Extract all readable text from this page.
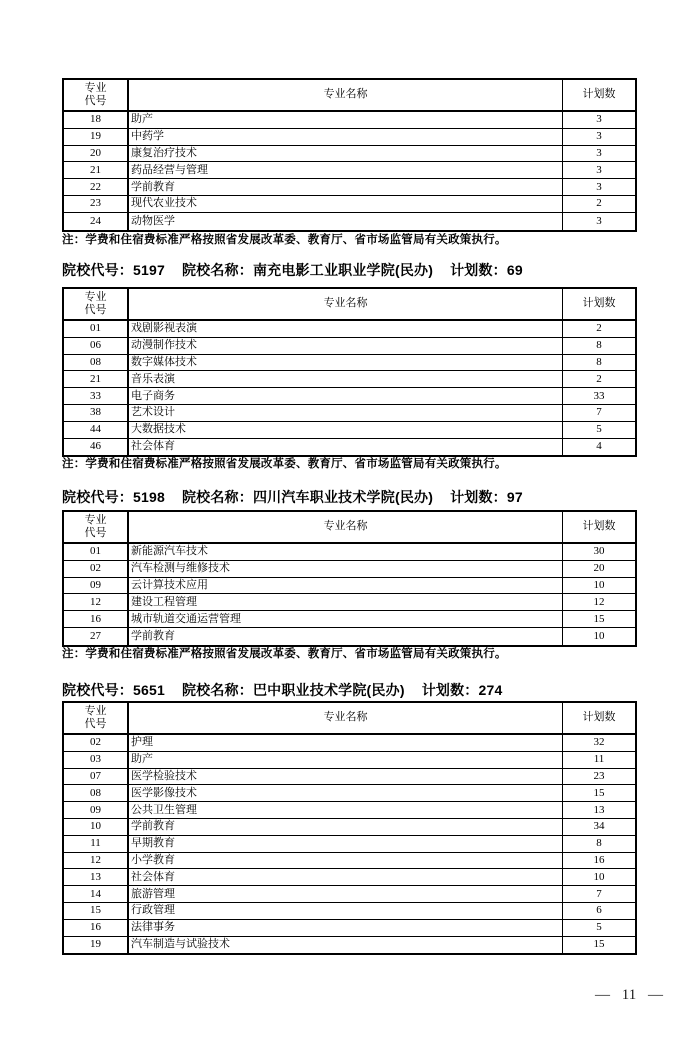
专业
代号
专业名称	计划数
18	助产	3
19	中药学	3
20	康复治疗技术	3
21	药品经营与管理	3
22	学前教育	3
23	现代农业技术	2
24	动物医学	3
注：学费和住宿费标准严格按照省发展改革委、教育厅、省市场监管局有关政策执行。
院校代号：5197 院校名称：南充电影工业职业学院(民办) 计划数：69
专业
代号
专业名称	计划数
01	戏剧影视表演	2
06	动漫制作技术	8
08	数字媒体技术	8
21	音乐表演	2
33	电子商务	33
38	艺术设计	7
44	大数据技术	5
46	社会体育	4
注：学费和住宿费标准严格按照省发展改革委、教育厅、省市场监管局有关政策执行。
院校代号：5198 院校名称：四川汽车职业技术学院(民办) 计划数：97
专业
代号
专业名称	计划数
01	新能源汽车技术	30
02	汽车检测与维修技术	20
09	云计算技术应用	10
12	建设工程管理	12
16	城市轨道交通运营管理	15
27	学前教育	10
注：学费和住宿费标准严格按照省发展改革委、教育厅、省市场监管局有关政策执行。
院校代号：5651 院校名称：巴中职业技术学院(民办) 计划数：274
专业
代号
专业名称	计划数
02	护理	32
03	助产	11
07	医学检验技术	23
08	医学影像技术	15
09	公共卫生管理	13
10	学前教育	34
11	早期教育	8
12	小学教育	16
13	社会体育	10
14	旅游管理	7
15	行政管理	6
16	法律事务	5
19	汽车制造与试验技术	15
— 11 —
